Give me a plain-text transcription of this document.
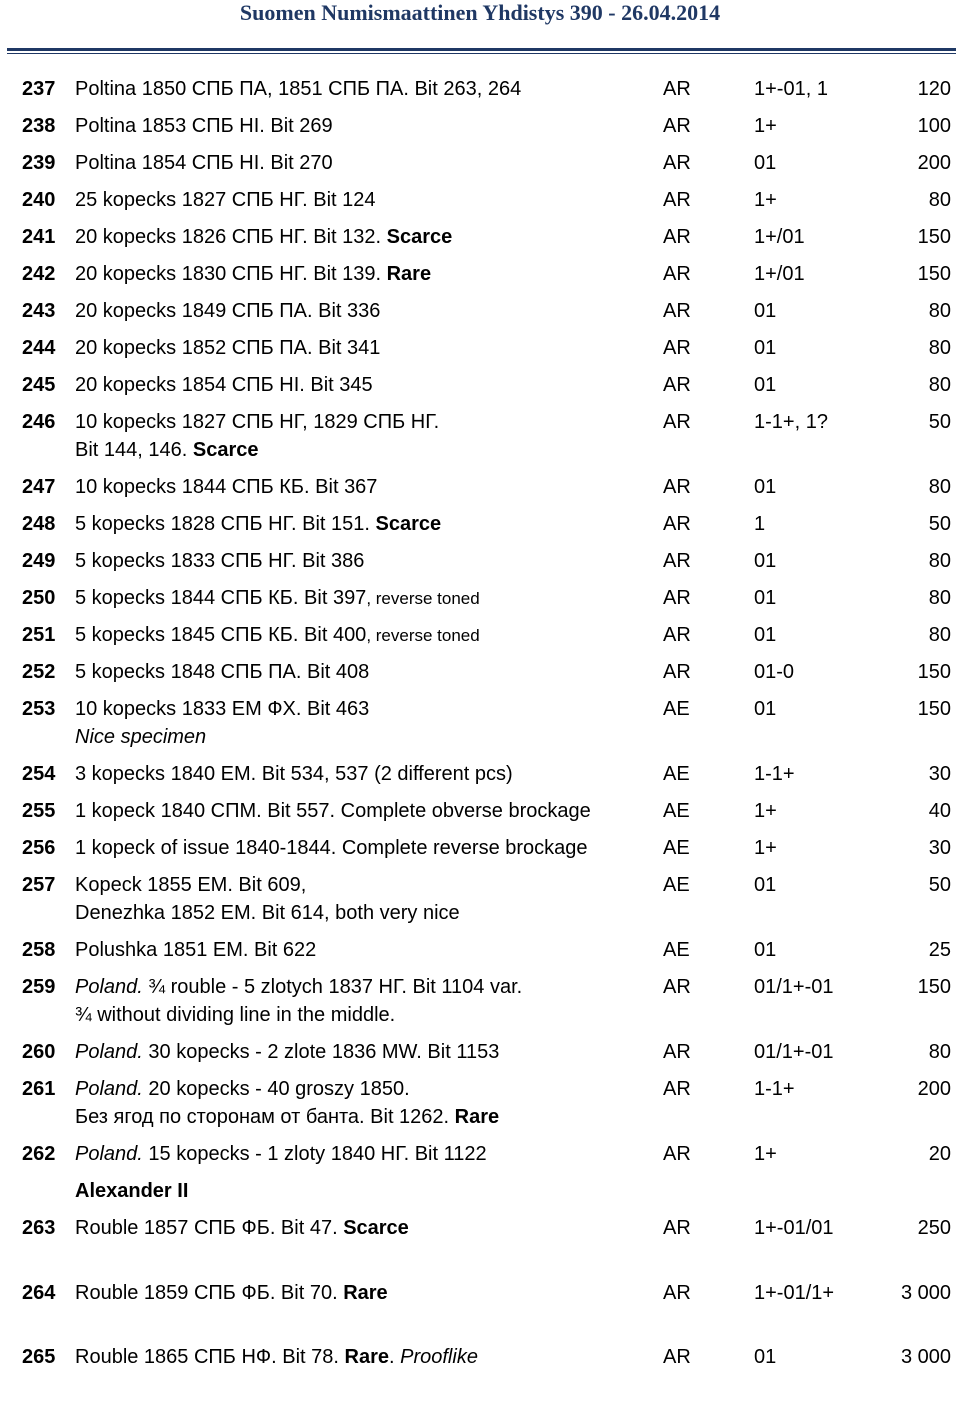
Suomen Numismaattinen Yhdistys 390 - 26.04.2014
237 Poltina 1850 СПБ ПА, 1851 СПБ ПА. Bit 263, 264	AR	1+-01, 1	120
238 Poltina 1853 СПБ HI. Bit 269	AR	1+	100
239 Poltina 1854 СПБ HI. Bit 270	AR	01	200
240 25 kopecks 1827 СПБ НГ. Bit 124	AR	1+	80
241 20 kopecks 1826 СПБ НГ. Bit 132. Scarce	AR	1+/01	150
242 20 kopecks 1830 СПБ НГ. Bit 139. Rare	AR	1+/01	150
243 20 kopecks 1849 СПБ ПА. Bit 336	AR	01	80
244 20 kopecks 1852 СПБ ПА. Bit 341	AR	01	80
245 20 kopecks 1854 СПБ HI. Bit 345	AR	01	80
246 10 kopecks 1827 СПБ НГ, 1829 СПБ НГ.
Bit 144, 146. Scarce
AR	1-1+, 1?	50
247 10 kopecks 1844 СПБ КБ. Bit 367	AR	01	80
248 5 kopecks 1828 СПБ НГ. Bit 151. Scarce	AR	1	50
249 5 kopecks 1833 СПБ НГ. Bit 386	AR	01	80
250 5 kopecks 1844 СПБ КБ. Bit 397, reverse toned	AR	01	80
251 5 kopecks 1845 СПБ КБ. Bit 400, reverse toned	AR	01	80
252 5 kopecks 1848 СПБ ПА. Bit 408	AR	01-0	150
253 10 kopecks 1833 EM ФХ. Bit 463
Nice specimen
AE	01	150
254 3 kopecks 1840 EM. Bit 534, 537 (2 different pcs)	AE	1-1+	30
255 1 kopeck 1840 СПМ. Bit 557. Complete obverse brockage	AE	1+	40
256 1 kopeck of issue 1840-1844. Complete reverse brockage	AE	1+	30
257 Kopeck 1855 EM. Bit 609,
Denezhka 1852 EM. Bit 614, both very nice
AE	01	50
258 Polushka 1851 EM. Bit 622	AE	01	25
259 Poland. ¾ rouble - 5 zlotych 1837 НГ. Bit 1104 var.
¾ without dividing line in the middle.
AR	01/1+-01	150
260 Poland. 30 kopecks - 2 zlote 1836 MW. Bit 1153	AR	01/1+-01	80
261 Poland. 20 kopecks - 40 groszy 1850.
Без ягод по сторонам от банта. Bit 1262. Rare
AR	1-1+	200
262 Poland. 15 kopecks - 1 zloty 1840 НГ. Bit 1122	AR	1+	20
263 Rouble 1857 СПБ ФБ. Bit 47. Scarce	AR	1+-01/01	250
264 Rouble 1859 СПБ ФБ. Bit 70. Rare	AR	1+-01/1+	3 000
265 Rouble 1865 СПБ НФ. Bit 78. Rare. Prooflike	AR	01	3 000
Alexander II
